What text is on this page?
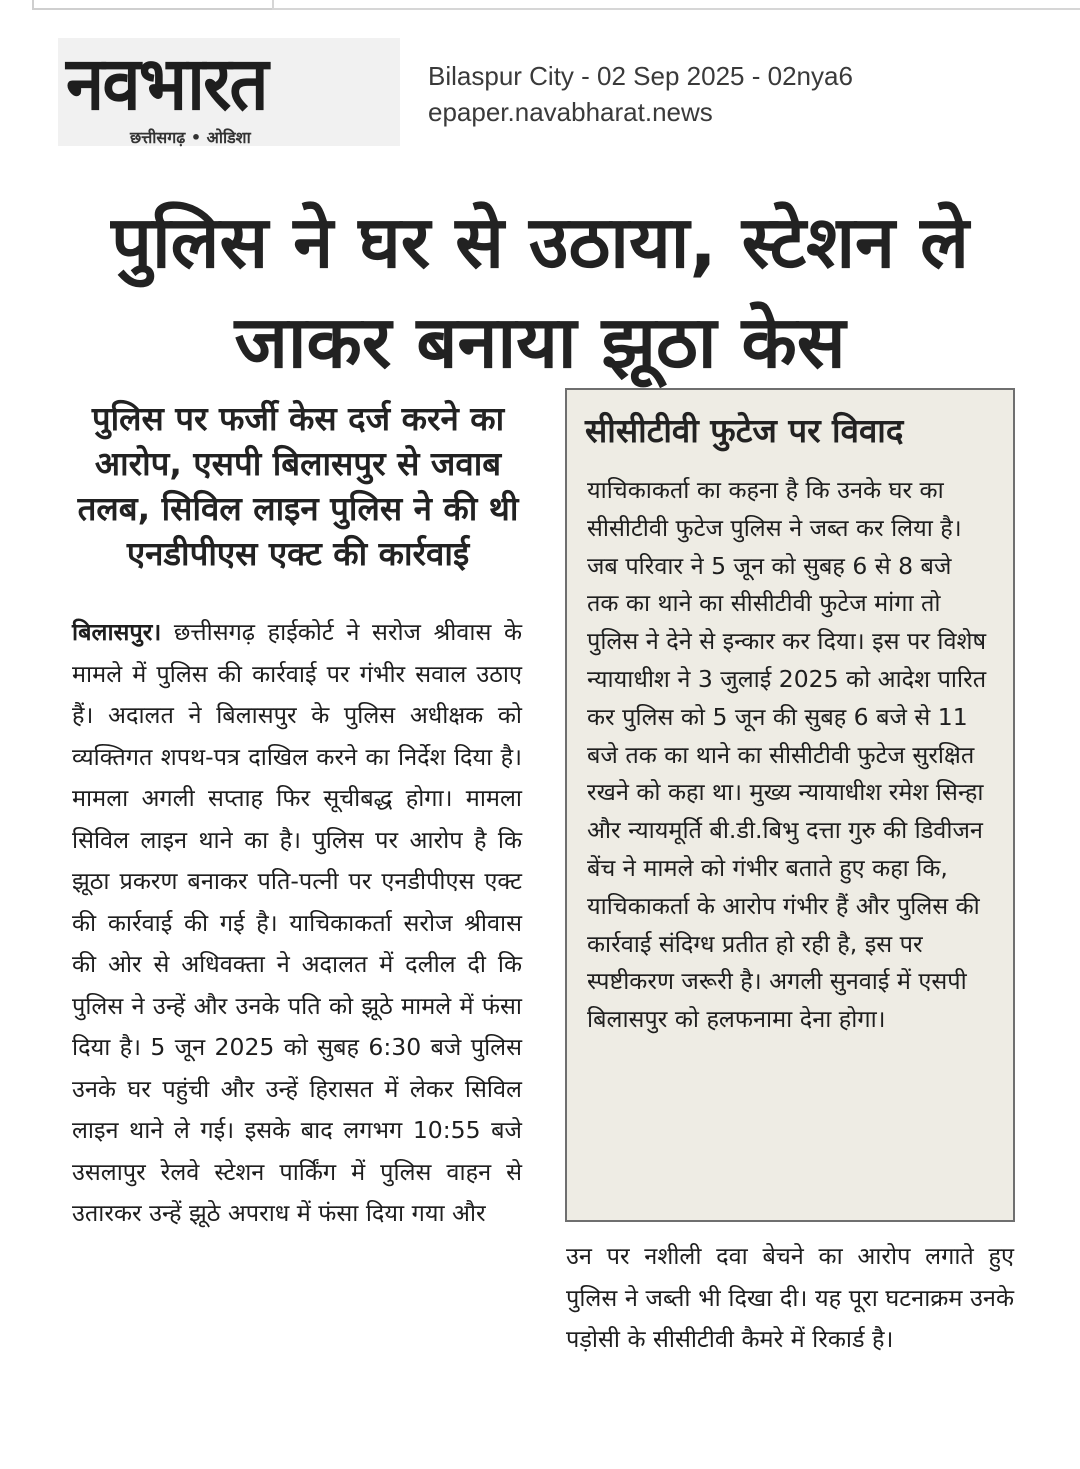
नवभारत
छत्तीसगढ़ • ओडिशा
Bilaspur City - 02 Sep 2025 - 02nya6
epaper.navabharat.news
पुलिस ने घर से उठाया, स्टेशन ले जाकर बनाया झूठा केस
पुलिस पर फर्जी केस दर्ज करने का आरोप, एसपी बिलासपुर से जवाब तलब, सिविल लाइन पुलिस ने की थी एनडीपीएस एक्ट की कार्रवाई

बिलासपुर। छत्तीसगढ़ हाईकोर्ट ने सरोज श्रीवास के मामले में पुलिस की कार्रवाई पर गंभीर सवाल उठाए हैं। अदालत ने बिलासपुर के पुलिस अधीक्षक को व्यक्तिगत शपथ-पत्र दाखिल करने का निर्देश दिया है। मामला अगली सप्ताह फिर सूचीबद्ध होगा। मामला सिविल लाइन थाने का है। पुलिस पर आरोप है कि झूठा प्रकरण बनाकर पति-पत्नी पर एनडीपीएस एक्ट की कार्रवाई की गई है। याचिकाकर्ता सरोज श्रीवास की ओर से अधिवक्ता ने अदालत में दलील दी कि पुलिस ने उन्हें और उनके पति को झूठे मामले में फंसा दिया है। 5 जून 2025 को सुबह 6:30 बजे पुलिस उनके घर पहुंची और उन्हें हिरासत में लेकर सिविल लाइन थाने ले गई। इसके बाद लगभग 10:55 बजे उसलापुर रेलवे स्टेशन पार्किंग में पुलिस वाहन से उतारकर उन्हें झूठे अपराध में फंसा दिया गया और

सीसीटीवी फुटेज पर विवाद

याचिकाकर्ता का कहना है कि उनके घर का सीसीटीवी फुटेज पुलिस ने जब्त कर लिया है। जब परिवार ने 5 जून को सुबह 6 से 8 बजे तक का थाने का सीसीटीवी फुटेज मांगा तो पुलिस ने देने से इन्कार कर दिया। इस पर विशेष न्यायाधीश ने 3 जुलाई 2025 को आदेश पारित कर पुलिस को 5 जून की सुबह 6 बजे से 11 बजे तक का थाने का सीसीटीवी फुटेज सुरक्षित रखने को कहा था। मुख्य न्यायाधीश रमेश सिन्हा और न्यायमूर्ति बी.डी.बिभु दत्ता गुरु की डिवीजन बेंच ने मामले को गंभीर बताते हुए कहा कि, याचिकाकर्ता के आरोप गंभीर हैं और पुलिस की कार्रवाई संदिग्ध प्रतीत हो रही है, इस पर स्पष्टीकरण जरूरी है। अगली सुनवाई में एसपी बिलासपुर को हलफनामा देना होगा।

उन पर नशीली दवा बेचने का आरोप लगाते हुए पुलिस ने जब्ती भी दिखा दी। यह पूरा घटनाक्रम उनके पड़ोसी के सीसीटीवी कैमरे में रिकार्ड है।
